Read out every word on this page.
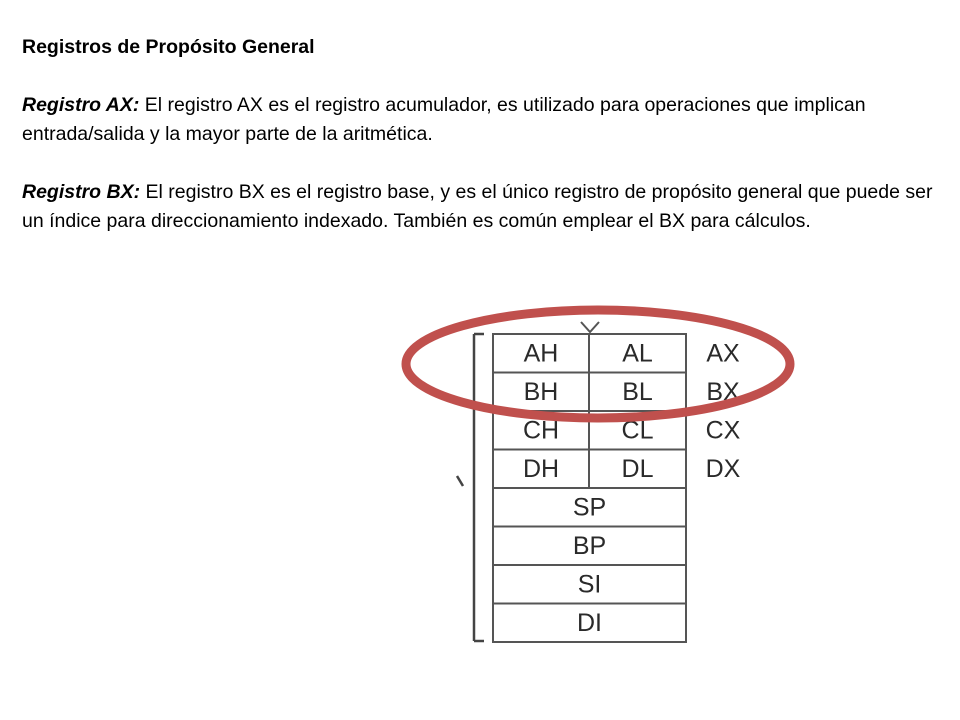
Registros de Propósito General

Registro AX: El registro AX es el registro acumulador, es utilizado para operaciones que implican entrada/salida y la mayor parte de la aritmética.

Registro BX: El registro BX es el registro base, y es el único registro de propósito general que puede ser un índice para direccionamiento indexado. También es común emplear el BX para cálculos.

AH	AL AX
BH	BL BX
CH CL CX
DH DL DX
SP
BP
SI
DI
